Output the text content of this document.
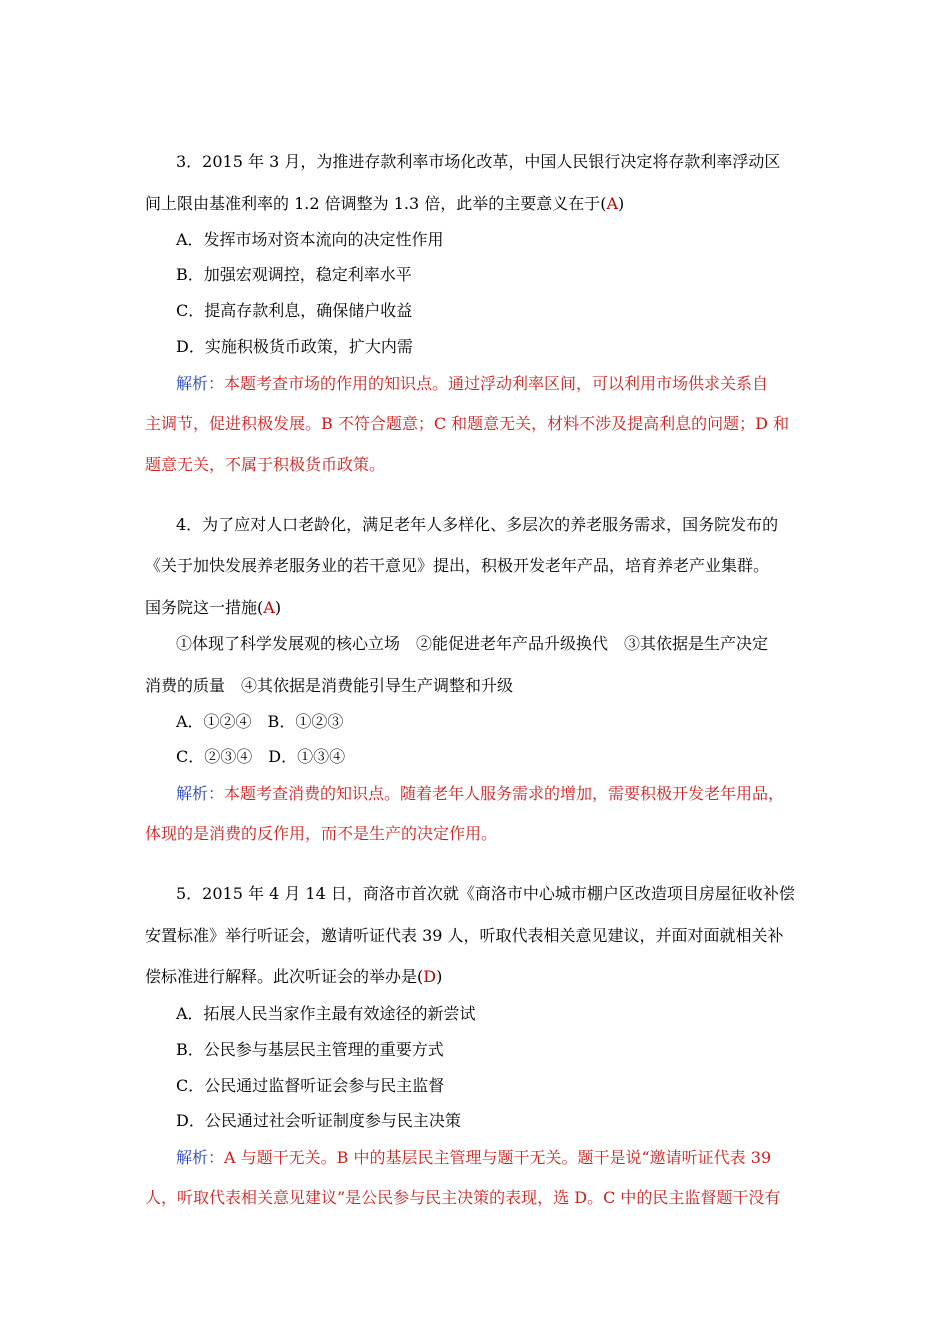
3．2015 年 3 月，为推进存款利率市场化改革，中国人民银行决定将存款利率浮动区
间上限由基准利率的 1.2 倍调整为 1.3 倍，此举的主要意义在于(A)
A．发挥市场对资本流向的决定性作用
B．加强宏观调控，稳定利率水平
C．提高存款利息，确保储户收益
D．实施积极货币政策，扩大内需
解析：本题考查市场的作用的知识点。通过浮动利率区间，可以利用市场供求关系自
主调节，促进积极发展。B 不符合题意；C 和题意无关，材料不涉及提高利息的问题；D 和
题意无关，不属于积极货币政策。
4．为了应对人口老龄化，满足老年人多样化、多层次的养老服务需求，国务院发布的
《关于加快发展养老服务业的若干意见》提出，积极开发老年产品，培育养老产业集群。
国务院这一措施(A)
①体现了科学发展观的核心立场　②能促进老年产品升级换代　③其依据是生产决定
消费的质量　④其依据是消费能引导生产调整和升级
A．①②④　B．①②③
C．②③④　D．①③④
解析：本题考查消费的知识点。随着老年人服务需求的增加，需要积极开发老年用品，
体现的是消费的反作用，而不是生产的决定作用。
5．2015 年 4 月 14 日，商洛市首次就《商洛市中心城市棚户区改造项目房屋征收补偿
安置标准》举行听证会，邀请听证代表 39 人，听取代表相关意见建议，并面对面就相关补
偿标准进行解释。此次听证会的举办是(D)
A．拓展人民当家作主最有效途径的新尝试
B．公民参与基层民主管理的重要方式
C．公民通过监督听证会参与民主监督
D．公民通过社会听证制度参与民主决策
解析：A 与题干无关。B 中的基层民主管理与题干无关。题干是说“邀请听证代表 39
人，听取代表相关意见建议”是公民参与民主决策的表现，选 D。C 中的民主监督题干没有
